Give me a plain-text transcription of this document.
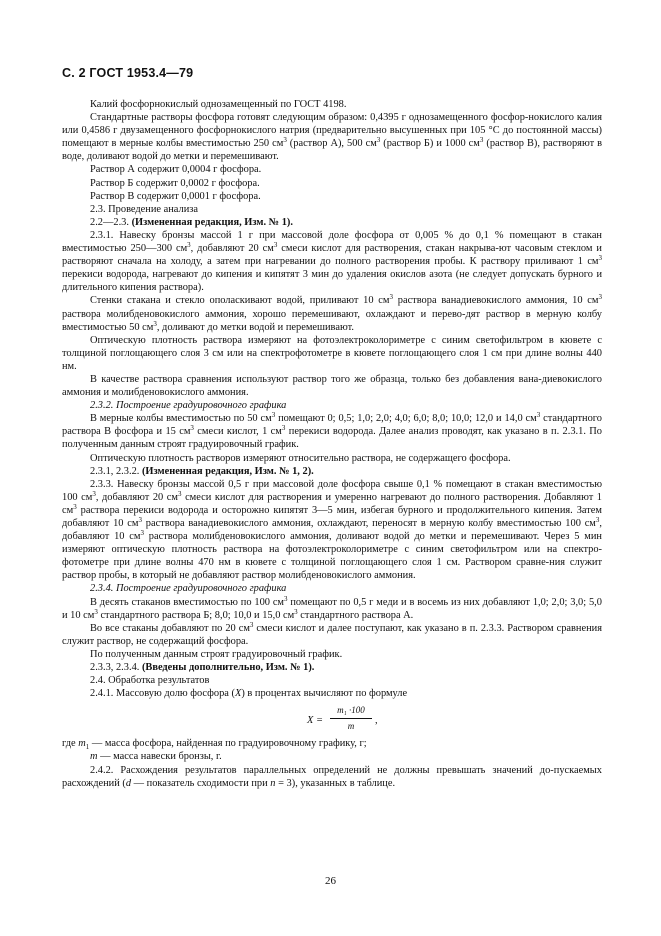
С. 2 ГОСТ 1953.4—79

Калий фосфорнокислый однозамещенный по ГОСТ 4198.

Стандартные растворы фосфора готовят следующим образом: 0,4395 г однозамещенного фосфор-нокислого калия или 0,4586 г двузамещенного фосфорнокислого натрия (предварительно высушенных при 105 °С до постоянной массы) помещают в мерные колбы вместимостью 250 $см^3$ (раствор А), 500 $см^3$ (раствор Б) и 1000 $см^3$ (раствор В), растворяют в воде, доливают водой до метки и перемешивают.

Раствор А содержит 0,0004 г фосфора.

Раствор Б содержит 0,0002 г фосфора.

Раствор В содержит 0,0001 г фосфора.

2.3. Проведение анализа

2.2—2.3. (Измененная редакция, Изм. № 1).

2.3.1. Навеску бронзы массой 1 г при массовой доле фосфора от 0,005 % до 0,1 % помещают в стакан вместимостью 250—300 $см^3$, добавляют 20 $см^3$ смеси кислот для растворения, стакан накрыва-ют часовым стеклом и растворяют сначала на холоду, а затем при нагревании до полного растворения пробы. К раствору приливают 1 $см^3$ перекиси водорода, нагревают до кипения и кипятят 3 мин до удаления окислов азота (не следует допускать бурного и длительного кипения раствора).

Стенки стакана и стекло ополаскивают водой, приливают 10 $см^3$ раствора ванадиевокислого аммония, 10 $см^3$ раствора молибденовокислого аммония, хорошо перемешивают, охлаждают и перево-дят раствор в мерную колбу вместимостью 50 $см^3$, доливают до метки водой и перемешивают.

Оптическую плотность раствора измеряют на фотоэлектроколориметре с синим светофильтром в кювете с толщиной поглощающего слоя 3 см или на спектрофотометре в кювете поглощающего слоя 1 см при длине волны 440 нм.

В качестве раствора сравнения используют раствор того же образца, только без добавления вана-диевокислого аммония и молибденовокислого аммония.

2.3.2. Построение градуировочного графика

В мерные колбы вместимостью по 50 $см^3$ помещают 0; 0,5; 1,0; 2,0; 4,0; 6,0; 8,0; 10,0; 12,0 и 14,0 $см^3$ стандартного раствора В фосфора и 15 $см^3$ смеси кислот, 1 $см^3$ перекиси водорода. Далее анализ проводят, как указано в п. 2.3.1. По полученным данным строят градуировочный график.

Оптическую плотность растворов измеряют относительно раствора, не содержащего фосфора.

2.3.1, 2.3.2. (Измененная редакция, Изм. № 1, 2).

2.3.3. Навеску бронзы массой 0,5 г при массовой доле фосфора свыше 0,1 % помещают в стакан вместимостью 100 $см^3$, добавляют 20 $см^3$ смеси кислот для растворения и умеренно нагревают до полного растворения. Добавляют 1 $см^3$ раствора перекиси водорода и осторожно кипятят 3—5 мин, избегая бурного и продолжительного кипения. Затем добавляют 10 $см^3$ раствора ванадиевокислого аммония, охлаждают, переносят в мерную колбу вместимостью 100 $см^3$, добавляют 10 $см^3$ раствора молибденовокислого аммония, доливают водой до метки и перемешивают. Через 5 мин измеряют оптическую плотность раствора на фотоэлектроколориметре с синим светофильтром или на спектро-фотометре при длине волны 470 нм в кювете с толщиной поглощающего слоя 1 см. Раствором сравне-ния служит раствор пробы, в который не добавляют раствор молибденовокислого аммония.

2.3.4. Построение градуировочного графика

В десять стаканов вместимостью по 100 $см^3$ помещают по 0,5 г меди и в восемь из них добавляют 1,0; 2,0; 3,0; 5,0 и 10 $см^3$ стандартного раствора Б; 8,0; 10,0 и 15,0 $см^3$ стандартного раствора А.

Во все стаканы добавляют по 20 $см^3$ смеси кислот и далее поступают, как указано в п. 2.3.3. Раствором сравнения служит раствор, не содержащий фосфора.

По полученным данным строят градуировочный график.

2.3.3, 2.3.4. (Введены дополнительно, Изм. № 1).

2.4. Обработка результатов

2.4.1. Массовую долю фосфора (X) в процентах вычисляют по формуле

$X = \frac{\text{m₁ ·100}}{m}$ ,

где $m_1$ — масса фосфора, найденная по градуировочному графику, г;

m — масса навески бронзы, г.

2.4.2. Расхождения результатов параллельных определений не должны превышать значений до-пускаемых расхождений (d — показатель сходимости при n = 3), указанных в таблице.

26
